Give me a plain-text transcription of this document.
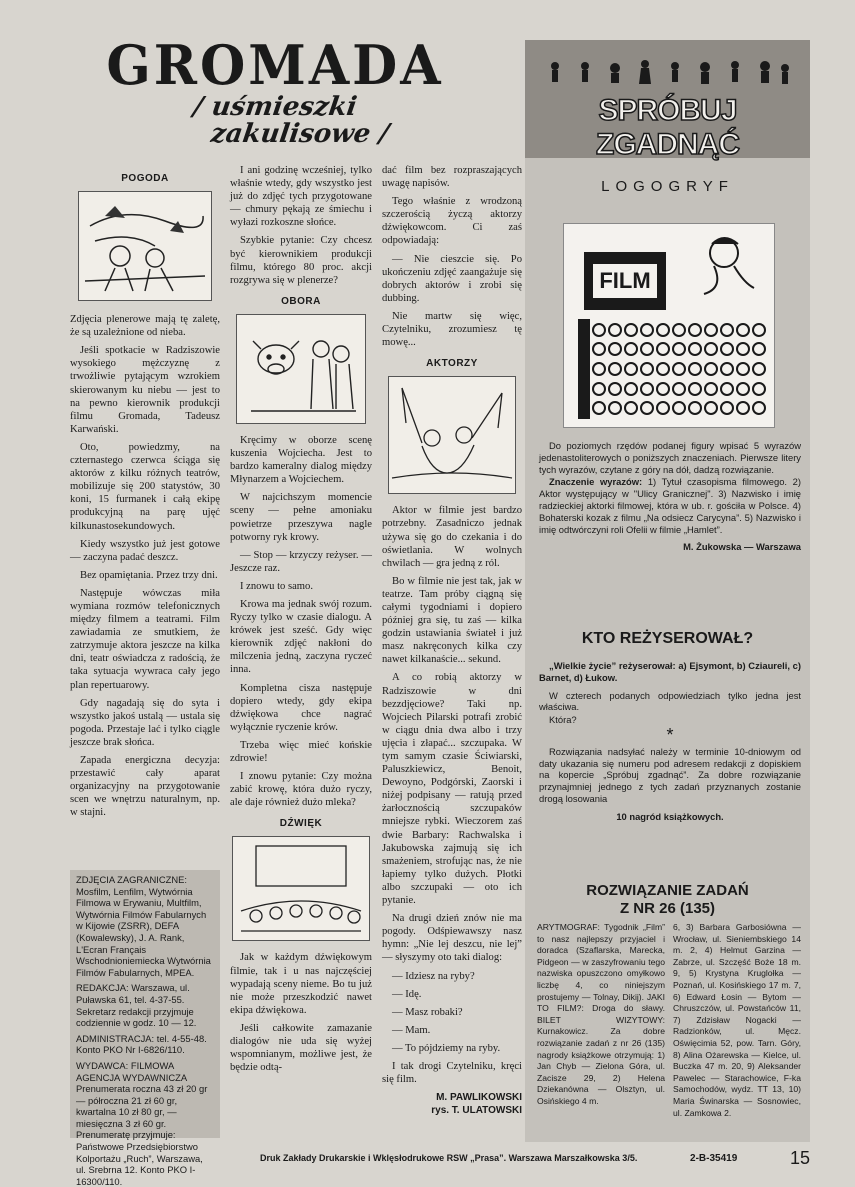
GROMADA
/ uśmieszki
zakulisowe /
POGODA

Zdjęcia plenerowe mają tę zaletę, że są uzależnione od nieba.

Jeśli spotkacie w Radziszowie wysokiego mężczyznę z trwożliwie pytającym wzrokiem skierowanym ku niebu — jest to na pewno kierownik produkcji filmu Gromada, Tadeusz Karwański.

Oto, powiedzmy, na czternastego czerwca ściąga się aktorów z kilku różnych teatrów, mobilizuje się 200 statystów, 30 koni, 15 furmanek i całą ekipę produkcyjną na parę ujęć kilkunastosekundowych.

Kiedy wszystko już jest gotowe — zaczyna padać deszcz.

Bez opamiętania. Przez trzy dni.

Następuje wówczas miła wymiana rozmów telefonicznych między filmem a teatrami. Film zawiadamia ze smutkiem, że zatrzymuje aktora jeszcze na kilka dni, teatr oświadcza z radością, że taka sytuacja wywraca cały jego plan repertuarowy.

Gdy nagadają się do syta i wszystko jakoś ustalą — ustala się pogoda. Przestaje lać i tylko ciągle jeszcze brak słońca.

Zapada energiczna decyzja: przestawić cały aparat organizacyjny na przygotowanie scen we wnętrzu naturalnym, np. w stajni.

ZDJĘCIA ZAGRANICZNE: Mosfilm, Lenfilm, Wytwórnia Filmowa w Erywaniu, Multfilm, Wytwórnia Filmów Fabularnych w Kijowie (ZSRR), DEFA (Kowalewsky), J. A. Rank, L'Ecran Français Wschodnioniemiecka Wytwórnia Filmów Fabularnych, MPEA.

REDAKCJA: Warszawa, ul. Puławska 61, tel. 4-37-55. Sekretarz redakcji przyjmuje codziennie w godz. 10 — 12.

ADMINISTRACJA: tel. 4-55-48. Konto PKO Nr I-6826/110.

WYDAWCA: FILMOWA AGENCJA WYDAWNICZA Prenumerata roczna 43 zł 20 gr — półroczna 21 zł 60 gr, kwartalna 10 zł 80 gr, — miesięczna 3 zł 60 gr. Prenumeratę przyjmuje: Państwowe Przedsiębiorstwo Kolportażu „Ruch”, Warszawa, ul. Srebrna 12. Konto PKO I-16300/110.

I ani godzinę wcześniej, tylko właśnie wtedy, gdy wszystko jest już do zdjęć tych przygotowane — chmury pękają ze śmiechu i wyłazi rozkoszne słońce.

Szybkie pytanie: Czy chcesz być kierownikiem produkcji filmu, którego 80 proc. akcji rozgrywa się w plenerze?

OBORA

Kręcimy w oborze scenę kuszenia Wojciecha. Jest to bardzo kameralny dialog między Młynarzem a Wojciechem.

W najcichszym momencie sceny — pełne amoniaku powietrze przeszywa nagle potworny ryk krowy.

— Stop — krzyczy reżyser. — Jeszcze raz.

I znowu to samo.

Krowa ma jednak swój rozum. Ryczy tylko w czasie dialogu. A krówek jest sześć. Gdy więc kierownik zdjęć nakłoni do milczenia jedną, zaczyna ryczeć inna.

Kompletna cisza następuje dopiero wtedy, gdy ekipa dźwiękowa chce nagrać wyłącznie ryczenie krów.

Trzeba więc mieć końskie zdrowie!

I znowu pytanie: Czy można zabić krowę, która dużo ryczy, ale daje również dużo mleka?

DŹWIĘK

Jak w każdym dźwiękowym filmie, tak i u nas najczęściej wypadają sceny nieme. Bo tu już nie może przeszkodzić nawet ekipa dźwiękowa.

Jeśli całkowite zamazanie dialogów nie uda się wyżej wspomnianym, możliwe jest, że będzie odtą-

dać film bez rozpraszających uwagę napisów.

Tego właśnie z wrodzoną szczerością życzą aktorzy dźwiękowcom. Ci zaś odpowiadają:

— Nie cieszcie się. Po ukończeniu zdjęć zaangażuje się dobrych aktorów i zrobi się dubbing.

Nie martw się więc, Czytelniku, zrozumiesz tę mowę...

AKTORZY

Aktor w filmie jest bardzo potrzebny. Zasadniczo jednak używa się go do czekania i do oświetlania. W wolnych chwilach — gra jedną z ról.

Bo w filmie nie jest tak, jak w teatrze. Tam próby ciągną się całymi tygodniami i dopiero później gra się, tu zaś — kilka godzin ustawiania świateł i już masz nakręconych kilka czy nawet kilkanaście... sekund.

A co robią aktorzy w Radziszowie w dni bezzdjęciowe? Taki np. Wojciech Pilarski potrafi zrobić w ciągu dnia dwa albo i trzy ujęcia i złapać... szczupaka. W tym samym czasie Ściwiarski, Paluszkiewicz, Benoit, Dewoyno, Podgórski, Zaorski i niżej podpisany — ratują przed żarłocznością szczupaków mniejsze rybki. Wieczorem zaś dwie Barbary: Rachwalska i Jakubowska zajmują się ich smażeniem, strofując nas, że nie łapiemy tylko dużych. Płotki albo szczupaki — oto ich pytanie.

Na drugi dzień znów nie ma pogody. Odśpiewawszy nasz hymn: „Nie lej deszcu, nie lej” — słyszymy oto taki dialog:

— Idziesz na ryby?

— Idę.

— Masz robaki?

— Mam.

— To pójdziemy na ryby.

I tak drogi Czytelniku, kręci się film.

M. PAWLIKOWSKI
rys. T. ULATOWSKI
SPRÓBUJ ZGADNĄĆ
LOGOGRYF
FILM

Do poziomych rzędów podanej figury wpisać 5 wyrazów jedenastoliterowych o poniższych znaczeniach. Pierwsze litery tych wyrazów, czytane z góry na dół, dadzą rozwiązanie.

Znaczenie wyrazów: 1) Tytuł czasopisma filmowego. 2) Aktor występujący w "Ulicy Granicznej". 3) Nazwisko i imię radzieckiej aktorki filmowej, która w ub. r. gościła w Polsce. 4) Bohaterski kozak z filmu „Na odsiecz Carycyna”. 5) Nazwisko i imię odtwórczyni roli Ofelii w filmie „Hamlet”.

M. Żukowska — Warszawa
KTO REŻYSEROWAŁ?

„Wielkie życie” reżyserował: a) Ejsymont, b) Cziaureli, c) Barnet, d) Łukow.

W czterech podanych odpowiedziach tylko jedna jest właściwa.

Która?

*

Rozwiązania nadsyłać należy w terminie 10-dniowym od daty ukazania się numeru pod adresem redakcji z dopiskiem na kopercie „Spróbuj zgadnąć”. Za dobre rozwiązanie przynajmniej jednego z tych zadań przyznanych zostanie drogą losowania

10 nagród książkowych.
ROZWIĄZANIE ZADAŃ
Z NR 26 (135)
ARYTMOGRAF: Tygodnik „Film” to nasz najlepszy przyjaciel i doradca (Szaflarska, Marecka, Pidgeon — w zaszyfrowaniu tego nazwiska opuszczono omyłkowo liczbę 4, co niniejszym prostujemy — Tolnay, Dikij). JAKI TO FILM?: Droga do sławy. BILET WIZYTOWY: Kurnakowicz. Za dobre rozwiązanie zadań z nr 26 (135) nagrody książkowe otrzymują: 1) Jan Chyb — Zielona Góra, ul. Zacisze 29, 2) Helena Dziekanówna — Olsztyn, ul. Osińskiego 4 m.
6, 3) Barbara Garbosiówna — Wrocław, ul. Sieniembskiego 14 m. 2, 4) Helmut Garzina — Zabrze, ul. Szczęść Boże 18 m. 9, 5) Krystyna Kruglołka — Poznań, ul. Kosińskiego 17 m. 7, 6) Edward Łosin — Bytom — Chruszczów, ul. Powstańców 11, 7) Zdzisław Nogacki — Radzionków, ul. Męcz. Oświęcimia 52, pow. Tarn. Góry, 8) Alina Ożarewska — Kielce, ul. Buczka 47 m. 20, 9) Aleksander Pawelec — Starachowice, F-ka Samochodów, wydz. TT 13, 10) Maria Świnarska — Sosnowiec, ul. Zamkowa 2.
Druk Zakłady Drukarskie i Wklęsłodrukowe RSW „Prasa”. Warszawa Marszałkowska 3/5.	2-B-35419	15
